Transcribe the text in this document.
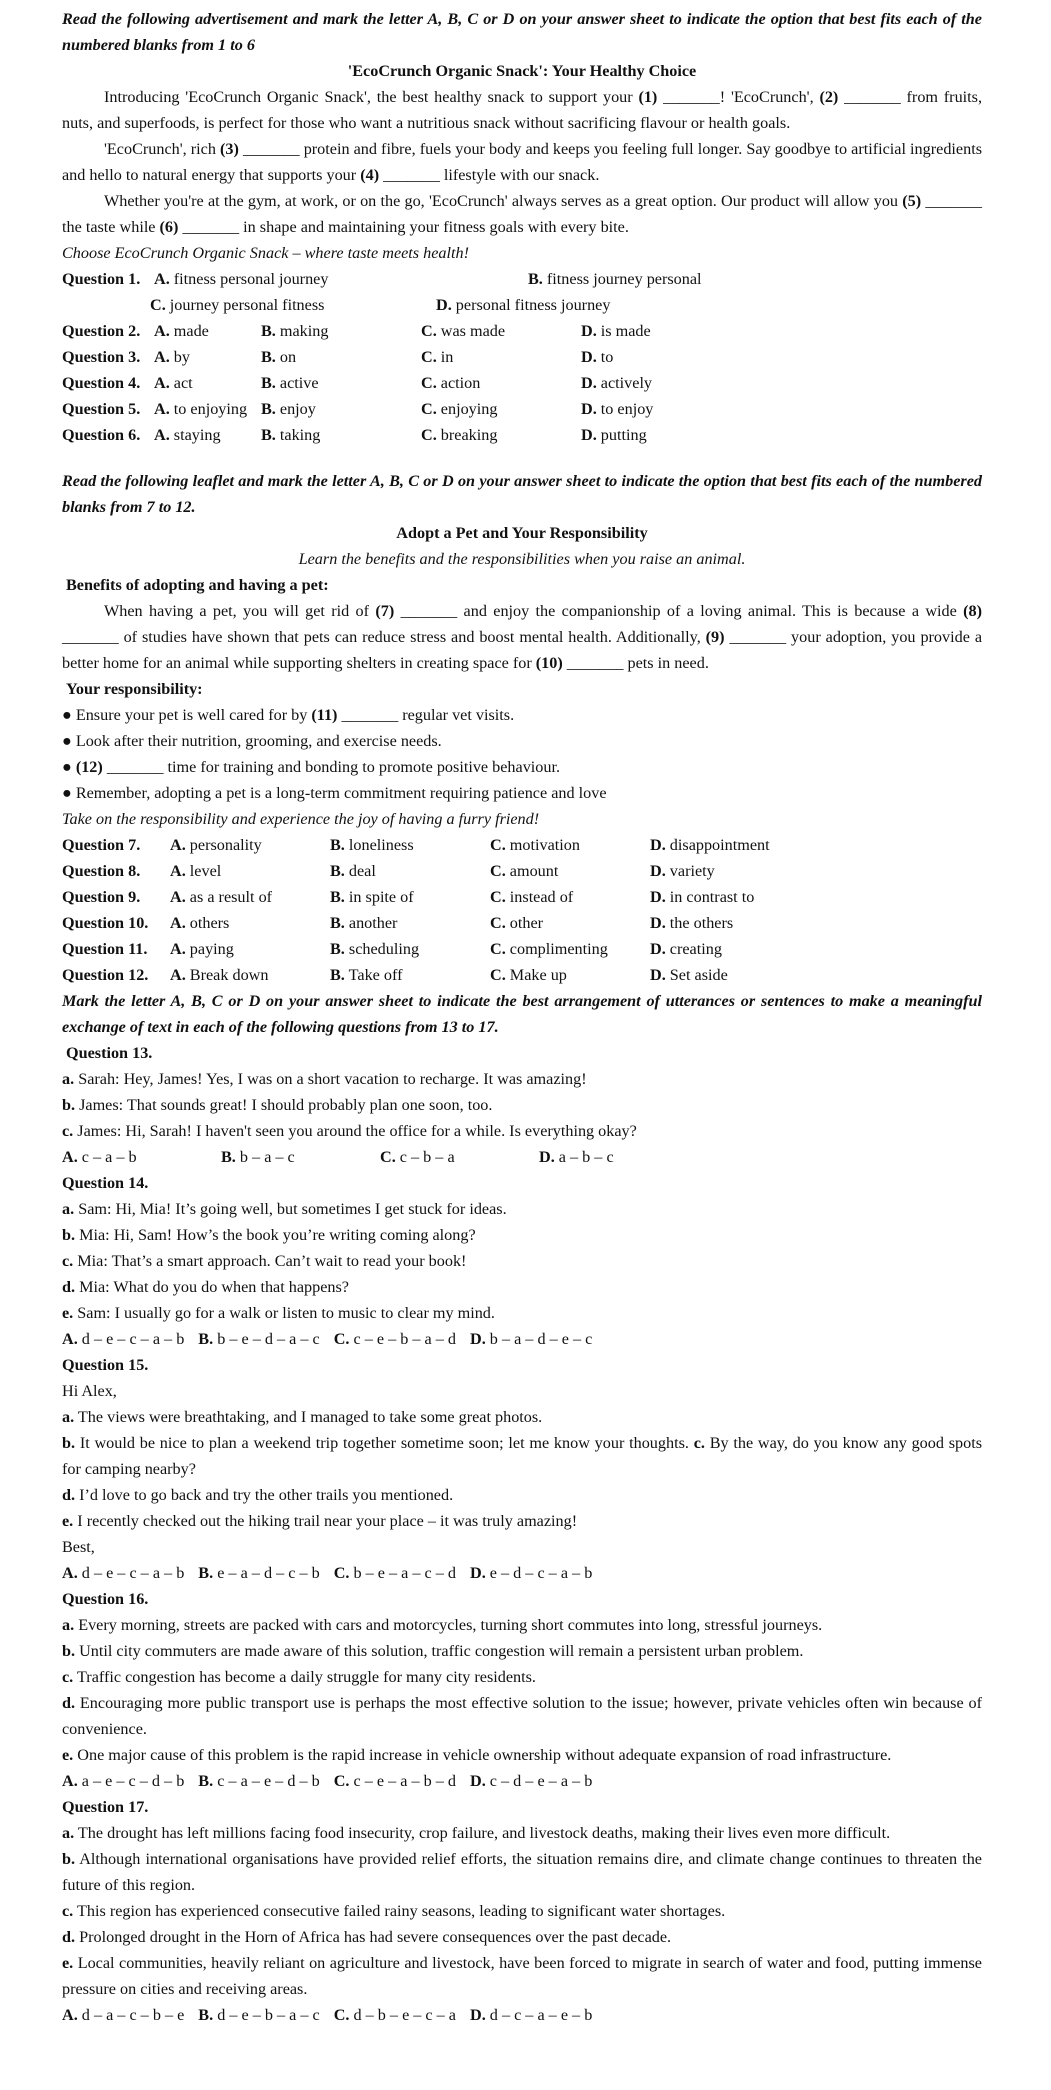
Read the following advertisement and mark the letter A, B, C or D on your answer sheet to indicate the option that best fits each of the numbered blanks from 1 to 6

'EcoCrunch Organic Snack': Your Healthy Choice

Introducing 'EcoCrunch Organic Snack', the best healthy snack to support your (1) _______! 'EcoCrunch', (2) _______ from fruits, nuts, and superfoods, is perfect for those who want a nutritious snack without sacrificing flavour or health goals.

'EcoCrunch', rich (3) _______ protein and fibre, fuels your body and keeps you feeling full longer. Say goodbye to artificial ingredients and hello to natural energy that supports your (4) _______ lifestyle with our snack.

Whether you're at the gym, at work, or on the go, 'EcoCrunch' always serves as a great option. Our product will allow you (5) _______ the taste while (6) _______ in shape and maintaining your fitness goals with every bite.

Choose EcoCrunch Organic Snack – where taste meets health!

Question 1. A. fitness personal journey	B. fitness journey personal
C. journey personal fitness	D. personal fitness journey
Question 2. A. made	B. making	C. was made	D. is made
Question 3. A. by	B. on	C. in	D. to
Question 4. A. act	B. active	C. action	D. actively
Question 5. A. to enjoying B. enjoy	C. enjoying	D. to enjoy
Question 6. A. staying	B. taking	C. breaking	D. putting

Read the following leaflet and mark the letter A, B, C or D on your answer sheet to indicate the option that best fits each of the numbered blanks from 7 to 12.

Adopt a Pet and Your Responsibility

Learn the benefits and the responsibilities when you raise an animal.

Benefits of adopting and having a pet:

When having a pet, you will get rid of (7) _______ and enjoy the companionship of a loving animal. This is because a wide (8) _______ of studies have shown that pets can reduce stress and boost mental health. Additionally, (9) _______ your adoption, you provide a better home for an animal while supporting shelters in creating space for (10) _______ pets in need.

Your responsibility:

● Ensure your pet is well cared for by (11) _______ regular vet visits.

● Look after their nutrition, grooming, and exercise needs.

● (12) _______ time for training and bonding to promote positive behaviour.

● Remember, adopting a pet is a long-term commitment requiring patience and love

Take on the responsibility and experience the joy of having a furry friend!

Question 7.	A. personality	B. loneliness	C. motivation	D. disappointment
Question 8.	A. level	B. deal	C. amount	D. variety
Question 9.	A. as a result of	B. in spite of	C. instead of	D. in contrast to
Question 10.	A. others	B. another	C. other	D. the others
Question 11.	A. paying	B. scheduling	C. complimenting	D. creating
Question 12.	A. Break down	B. Take off	C. Make up	D. Set aside

Mark the letter A, B, C or D on your answer sheet to indicate the best arrangement of utterances or sentences to make a meaningful exchange of text in each of the following questions from 13 to 17.

Question 13.

a. Sarah: Hey, James! Yes, I was on a short vacation to recharge. It was amazing!

b. James: That sounds great! I should probably plan one soon, too.

c. James: Hi, Sarah! I haven't seen you around the office for a while. Is everything okay?

A. c – a – b	B. b – a – c	C. c – b – a	D. a – b – c

Question 14.

a. Sam: Hi, Mia! It’s going well, but sometimes I get stuck for ideas.

b. Mia: Hi, Sam! How’s the book you’re writing coming along?

c. Mia: That’s a smart approach. Can’t wait to read your book!

d. Mia: What do you do when that happens?

e. Sam: I usually go for a walk or listen to music to clear my mind.

A. d – e – c – a – b B. b – e – d – a – c C. c – e – b – a – d D. b – a – d – e – c

Question 15.

Hi Alex,

a. The views were breathtaking, and I managed to take some great photos.

b. It would be nice to plan a weekend trip together sometime soon; let me know your thoughts. c. By the way, do you know any good spots for camping nearby?

d. I’d love to go back and try the other trails you mentioned.

e. I recently checked out the hiking trail near your place – it was truly amazing!

Best,

A. d – e – c – a – b B. e – a – d – c – b C. b – e – a – c – d D. e – d – c – a – b

Question 16.

a. Every morning, streets are packed with cars and motorcycles, turning short commutes into long, stressful journeys.

b. Until city commuters are made aware of this solution, traffic congestion will remain a persistent urban problem.

c. Traffic congestion has become a daily struggle for many city residents.

d. Encouraging more public transport use is perhaps the most effective solution to the issue; however, private vehicles often win because of convenience.

e. One major cause of this problem is the rapid increase in vehicle ownership without adequate expansion of road infrastructure.

A. a – e – c – d – b B. c – a – e – d – b C. c – e – a – b – d D. c – d – e – a – b

Question 17.

a. The drought has left millions facing food insecurity, crop failure, and livestock deaths, making their lives even more difficult.

b. Although international organisations have provided relief efforts, the situation remains dire, and climate change continues to threaten the future of this region.

c. This region has experienced consecutive failed rainy seasons, leading to significant water shortages.

d. Prolonged drought in the Horn of Africa has had severe consequences over the past decade.

e. Local communities, heavily reliant on agriculture and livestock, have been forced to migrate in search of water and food, putting immense pressure on cities and receiving areas.

A. d – a – c – b – e B. d – e – b – a – c C. d – b – e – c – a D. d – c – a – e – b
